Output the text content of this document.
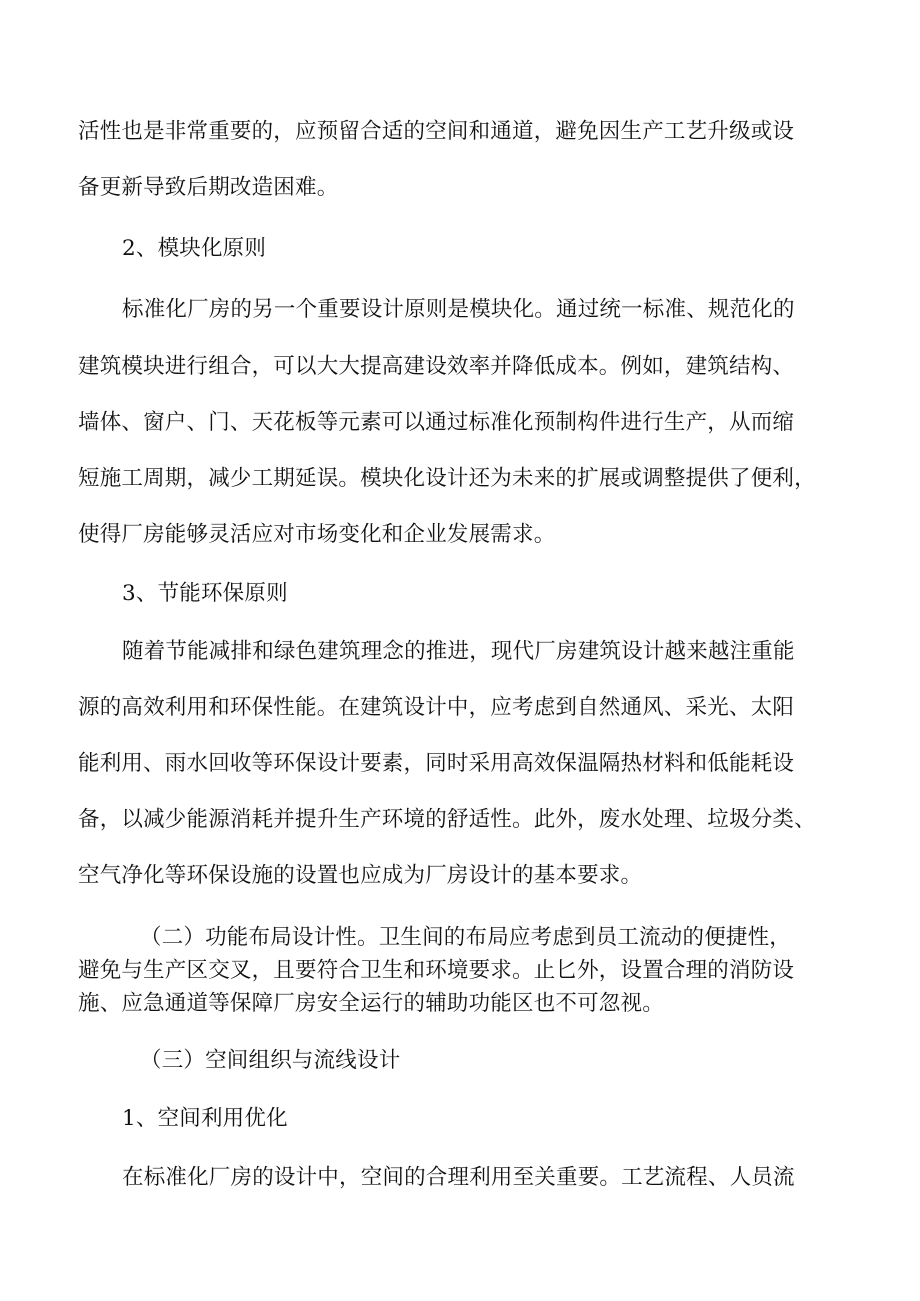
活性也是非常重要的，应预留合适的空间和通道，避免因生产工艺升级或设
备更新导致后期改造困难。
2、模块化原则
标准化厂房的另一个重要设计原则是模块化。通过统一标准、规范化的
建筑模块进行组合，可以大大提高建设效率并降低成本。例如，建筑结构、
墙体、窗户、门、天花板等元素可以通过标准化预制构件进行生产，从而缩
短施工周期，减少工期延误。模块化设计还为未来的扩展或调整提供了便利，
使得厂房能够灵活应对市场变化和企业发展需求。
3、节能环保原则
随着节能减排和绿色建筑理念的推进，现代厂房建筑设计越来越注重能
源的高效利用和环保性能。在建筑设计中，应考虑到自然通风、采光、太阳
能利用、雨水回收等环保设计要素，同时采用高效保温隔热材料和低能耗设
备，以减少能源消耗并提升生产环境的舒适性。此外，废水处理、垃圾分类、
空气净化等环保设施的设置也应成为厂房设计的基本要求。
（二）功能布局设计性。卫生间的布局应考虑到员工流动的便捷性，
避免与生产区交叉，且要符合卫生和环境要求。止匕外，设置合理的消防设
施、应急通道等保障厂房安全运行的辅助功能区也不可忽视。
（三）空间组织与流线设计
1、空间利用优化
在标准化厂房的设计中，空间的合理利用至关重要。工艺流程、人员流
